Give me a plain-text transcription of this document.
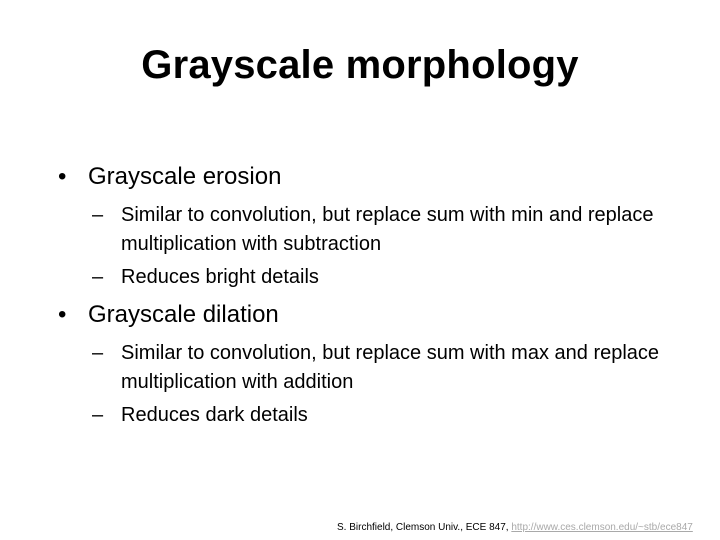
Grayscale morphology
• Grayscale erosion
– Similar to convolution, but replace sum with min and replace multiplication with subtraction
– Reduces bright details
• Grayscale dilation
– Similar to convolution, but replace sum with max and replace multiplication with addition
– Reduces dark details
S. Birchfield, Clemson Univ., ECE 847, http://www.ces.clemson.edu/~stb/ece847
